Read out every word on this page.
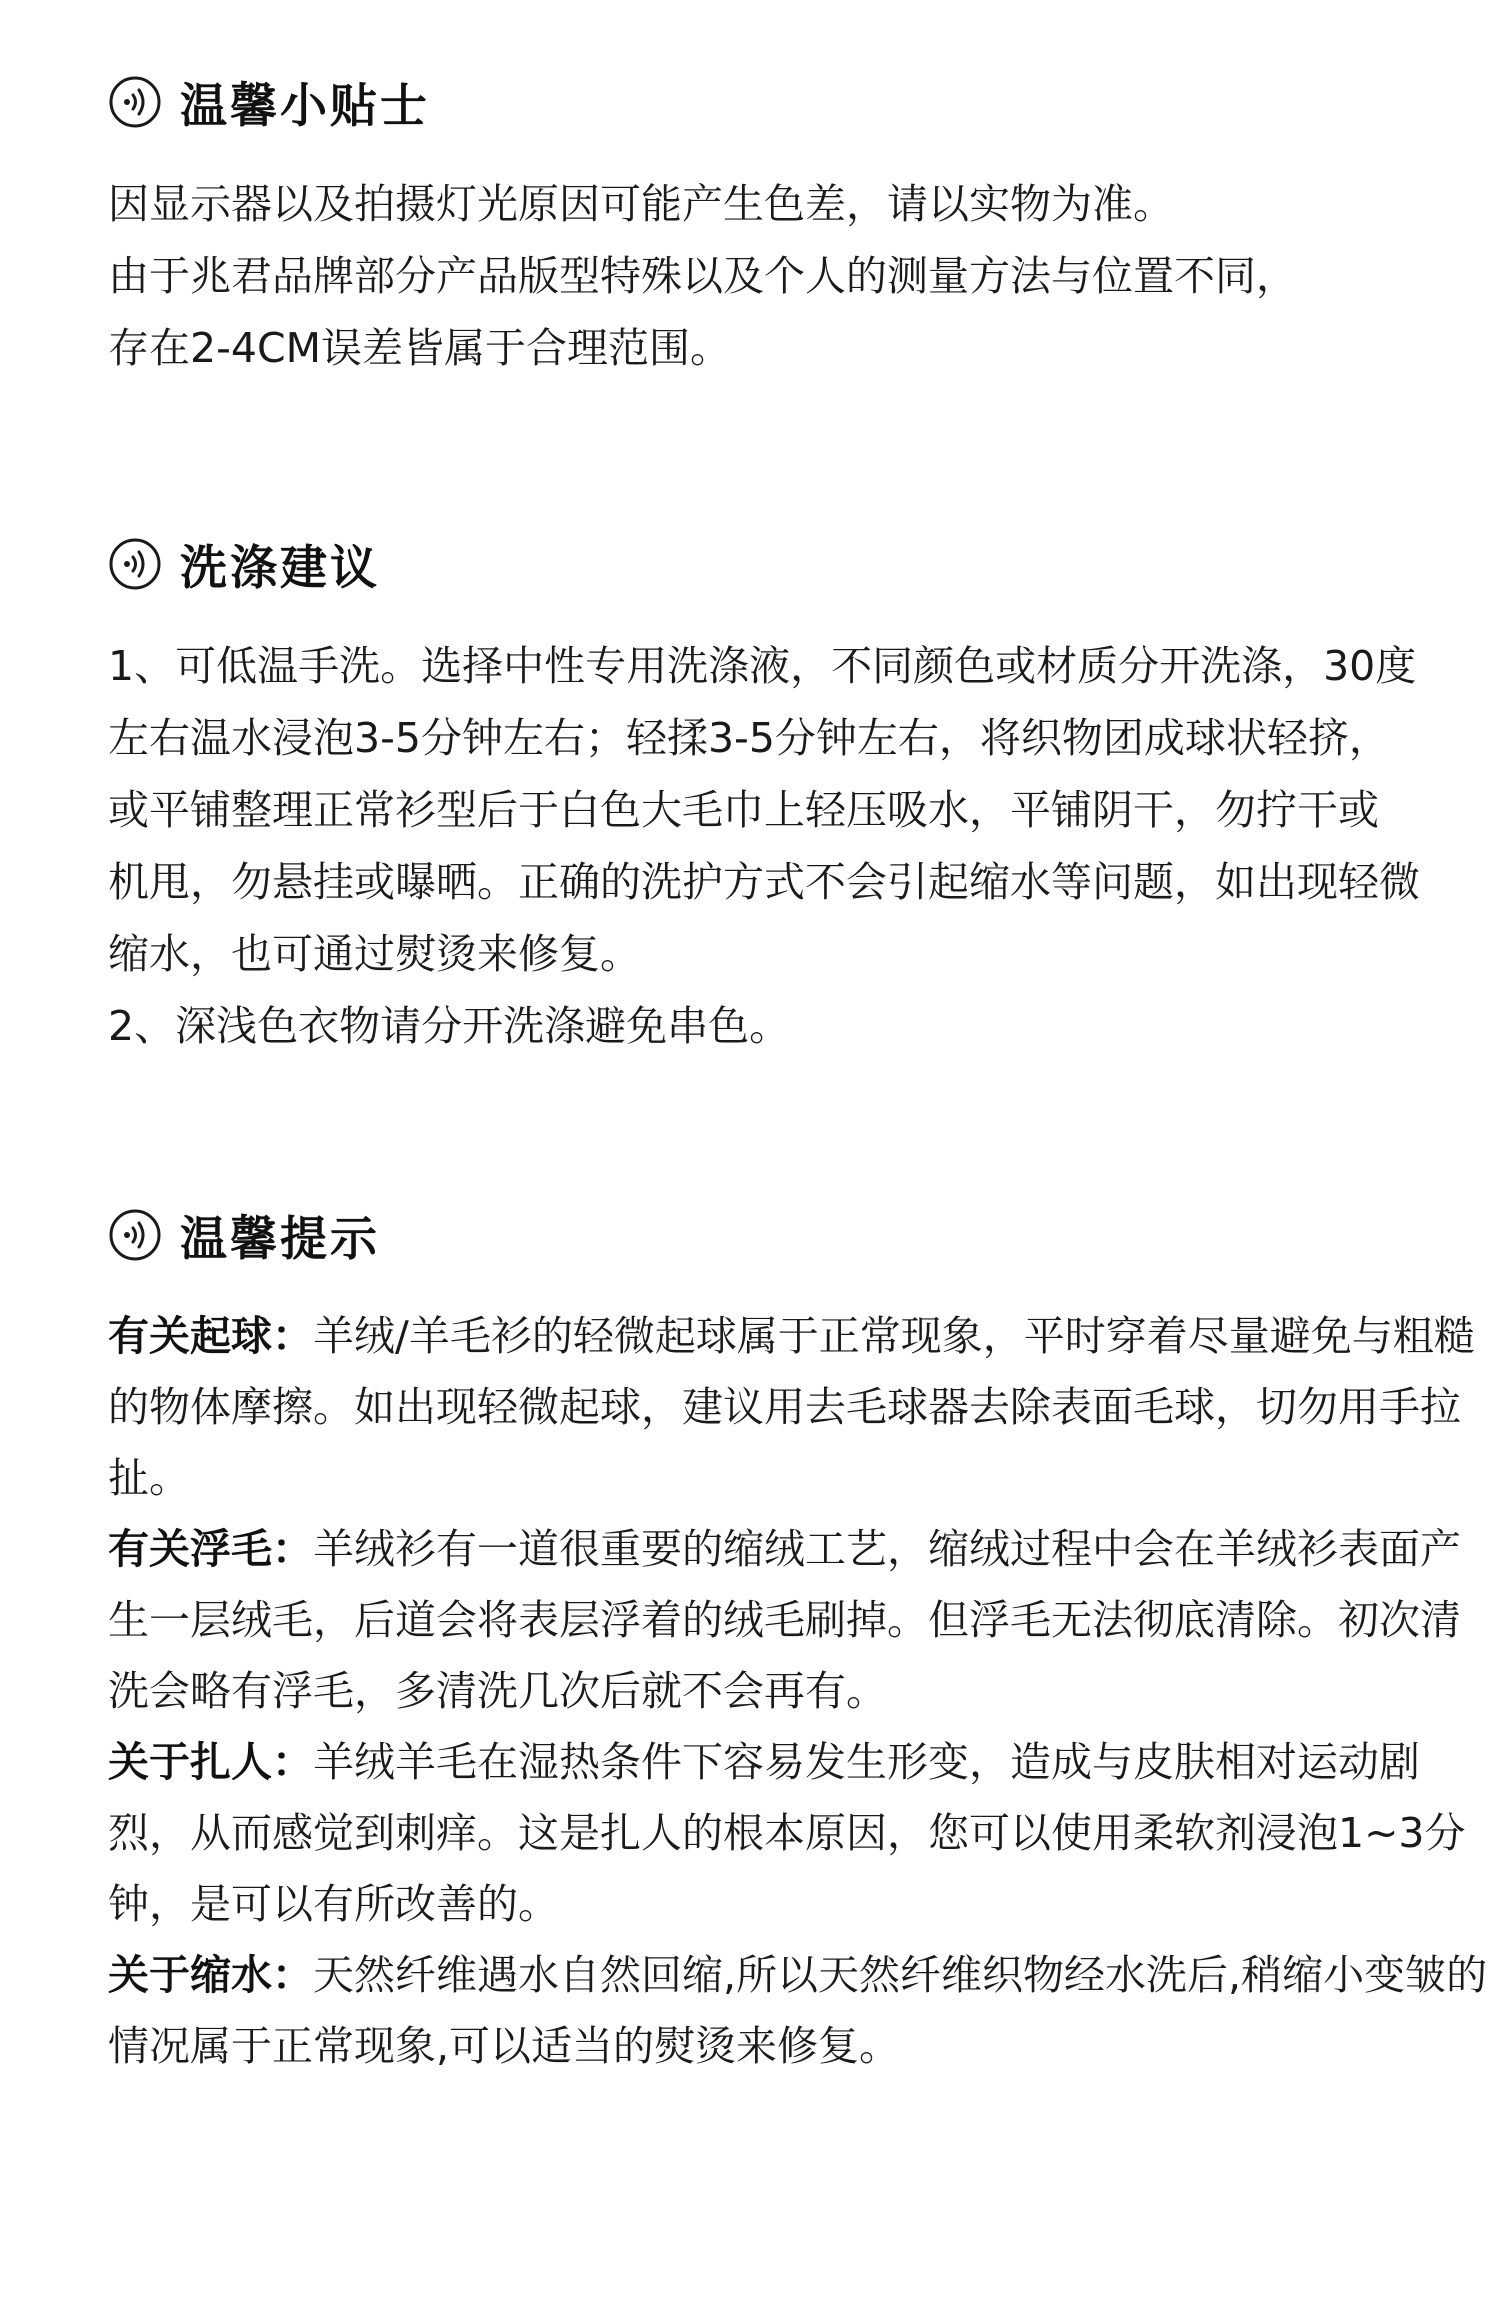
温馨小贴士
因显示器以及拍摄灯光原因可能产生色差，请以实物为准。
由于兆君品牌部分产品版型特殊以及个人的测量方法与位置不同，
存在2-4CM误差皆属于合理范围。
洗涤建议
1、可低温手洗。选择中性专用洗涤液，不同颜色或材质分开洗涤，30度
左右温水浸泡3-5分钟左右；轻揉3-5分钟左右，将织物团成球状轻挤，
或平铺整理正常衫型后于白色大毛巾上轻压吸水，平铺阴干，勿拧干或
机甩，勿悬挂或曝晒。正确的洗护方式不会引起缩水等问题，如出现轻微
缩水，也可通过熨烫来修复。
2、深浅色衣物请分开洗涤避免串色。
温馨提示

有关起球：羊绒/羊毛衫的轻微起球属于正常现象，平时穿着尽量避免与粗糙的物体摩擦。如出现轻微起球，建议用去毛球器去除表面毛球，切勿用手拉扯。

有关浮毛：羊绒衫有一道很重要的缩绒工艺，缩绒过程中会在羊绒衫表面产生一层绒毛，后道会将表层浮着的绒毛刷掉。但浮毛无法彻底清除。初次清洗会略有浮毛，多清洗几次后就不会再有。

关于扎人：羊绒羊毛在湿热条件下容易发生形变，造成与皮肤相对运动剧烈，从而感觉到刺痒。这是扎人的根本原因，您可以使用柔软剂浸泡1~3分钟，是可以有所改善的。

关于缩水：天然纤维遇水自然回缩,所以天然纤维织物经水洗后,稍缩小变皱的情况属于正常现象,可以适当的熨烫来修复。
